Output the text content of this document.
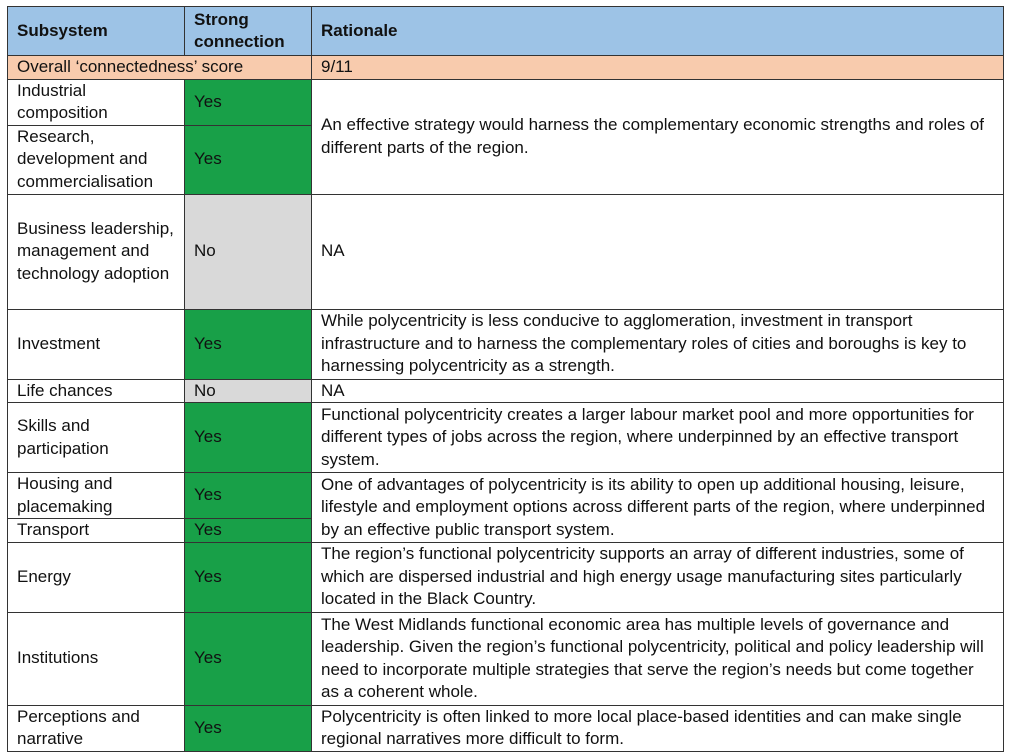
Subsystem	Strong connection	Rationale
Overall ‘connectedness’ score		9/11
Industrial composition	Yes	An effective strategy would harness the complementary economic strengths and roles of different parts of the region.
Research, development and commercialisation	Yes	
Business leadership, management and technology adoption	No	NA
Investment	Yes	While polycentricity is less conducive to agglomeration, investment in transport infrastructure and to harness the complementary roles of cities and boroughs is key to harnessing polycentricity as a strength.
Life chances	No	NA
Skills and participation	Yes	Functional polycentricity creates a larger labour market pool and more opportunities for different types of jobs across the region, where underpinned by an effective transport system.
Housing and placemaking	Yes	One of advantages of polycentricity is its ability to open up additional housing, leisure, lifestyle and employment options across different parts of the region, where underpinned by an effective public transport system.
Transport	Yes	
Energy	Yes	The region’s functional polycentricity supports an array of different industries, some of which are dispersed industrial and high energy usage manufacturing sites particularly located in the Black Country.
Institutions	Yes	The West Midlands functional economic area has multiple levels of governance and leadership. Given the region’s functional polycentricity, political and policy leadership will need to incorporate multiple strategies that serve the region’s needs but come together as a coherent whole.
Perceptions and narrative	Yes	Polycentricity is often linked to more local place-based identities and can make single regional narratives more difficult to form.
